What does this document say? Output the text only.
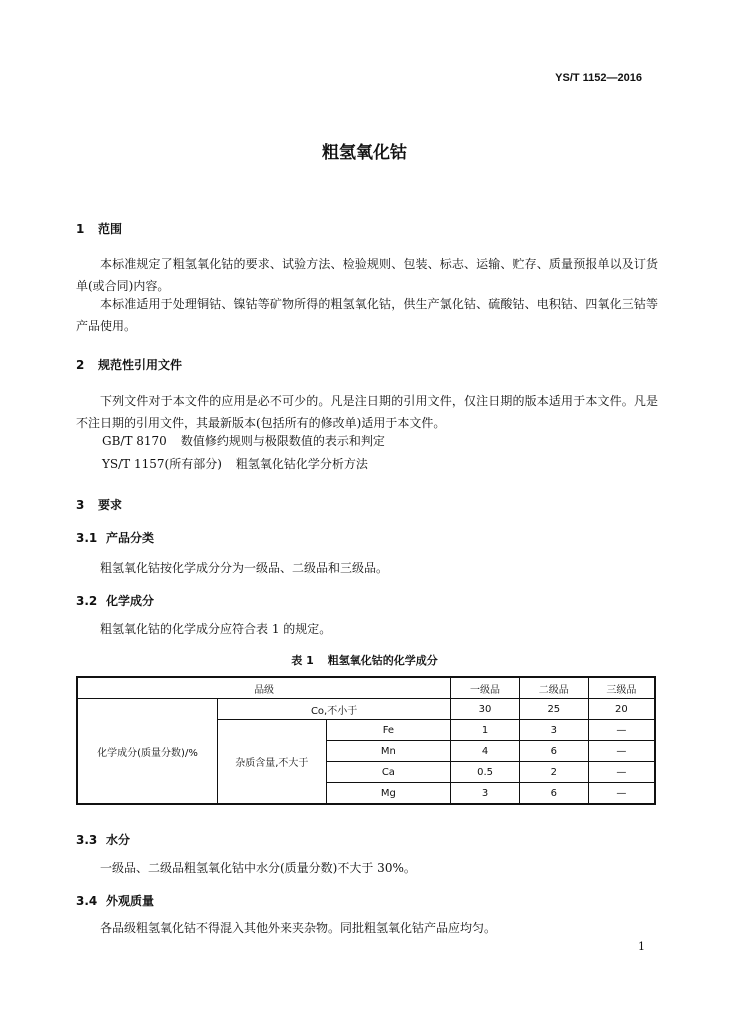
YS/T 1152—2016
粗氢氧化钴
1 范围
本标准规定了粗氢氧化钴的要求、试验方法、检验规则、包装、标志、运输、贮存、质量预报单以及订货单(或合同)内容。
本标准适用于处理铜钴、镍钴等矿物所得的粗氢氧化钴，供生产氯化钴、硫酸钴、电积钴、四氧化三钴等产品使用。
2 规范性引用文件
下列文件对于本文件的应用是必不可少的。凡是注日期的引用文件，仅注日期的版本适用于本文件。凡是不注日期的引用文件，其最新版本(包括所有的修改单)适用于本文件。
GB/T 8170 数值修约规则与极限数值的表示和判定
YS/T 1157(所有部分) 粗氢氧化钴化学分析方法
3 要求
3.1 产品分类
粗氢氧化钴按化学成分分为一级品、二级品和三级品。
3.2 化学成分
粗氢氧化钴的化学成分应符合表 1 的规定。
表 1 粗氢氧化钴的化学成分
品级			一级品	二级品	三级品
化学成分(质量分数)/%	Co,不小于		30	25	20
	杂质含量,不大于	Fe	1	3	—
		Mn	4	6	—
		Ca	0.5	2	—
		Mg	3	6	—
3.3 水分
一级品、二级品粗氢氧化钴中水分(质量分数)不大于 30%。
3.4 外观质量
各品级粗氢氧化钴不得混入其他外来夹杂物。同批粗氢氧化钴产品应均匀。
1
